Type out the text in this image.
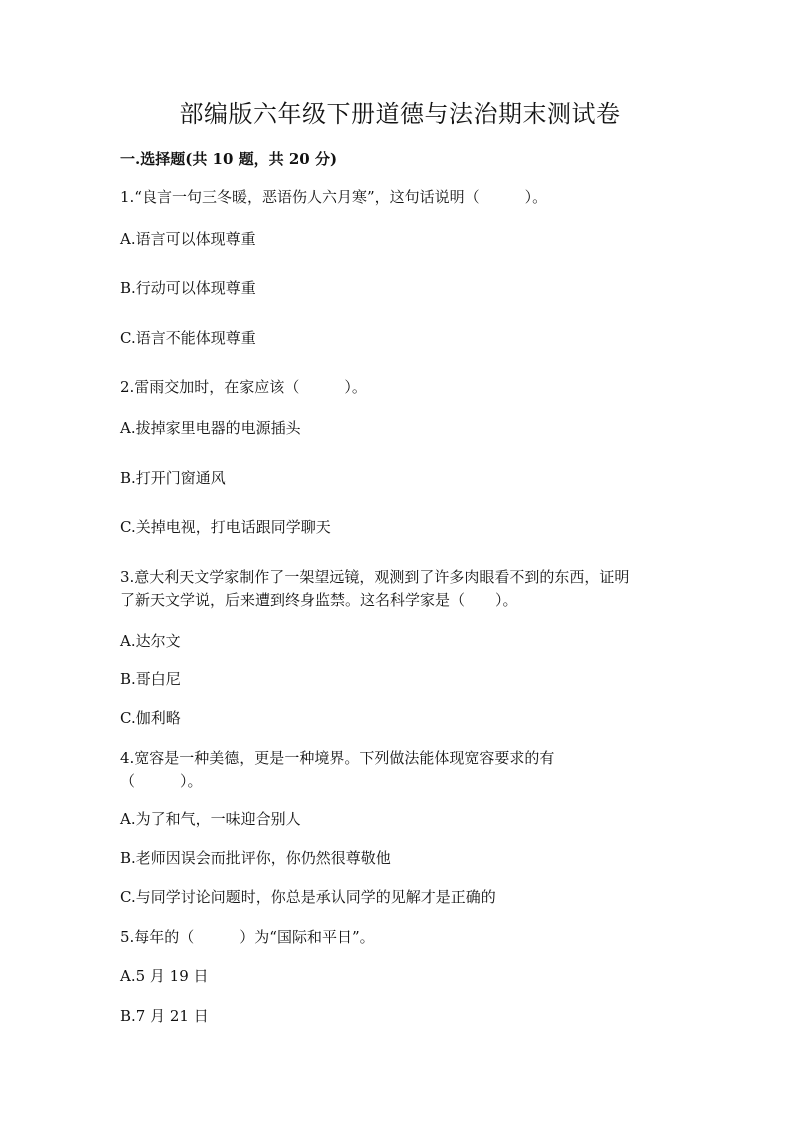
部编版六年级下册道德与法治期末测试卷
一.选择题(共 10 题，共 20 分)

1.“良言一句三冬暖，恶语伤人六月寒”，这句话说明（　　　）。

A.语言可以体现尊重

B.行动可以体现尊重

C.语言不能体现尊重

2.雷雨交加时，在家应该（　　　）。

A.拔掉家里电器的电源插头

B.打开门窗通风

C.关掉电视，打电话跟同学聊天

3.意大利天文学家制作了一架望远镜，观测到了许多肉眼看不到的东西，证明

了新天文学说，后来遭到终身监禁。这名科学家是（　　）。

A.达尔文

B.哥白尼

C.伽利略

4.宽容是一种美德，更是一种境界。下列做法能体现宽容要求的有

（　　　）。

A.为了和气，一味迎合别人

B.老师因误会而批评你，你仍然很尊敬他

C.与同学讨论问题时，你总是承认同学的见解才是正确的

5.每年的（　　　）为“国际和平日”。

A.5 月 19 日

B.7 月 21 日
